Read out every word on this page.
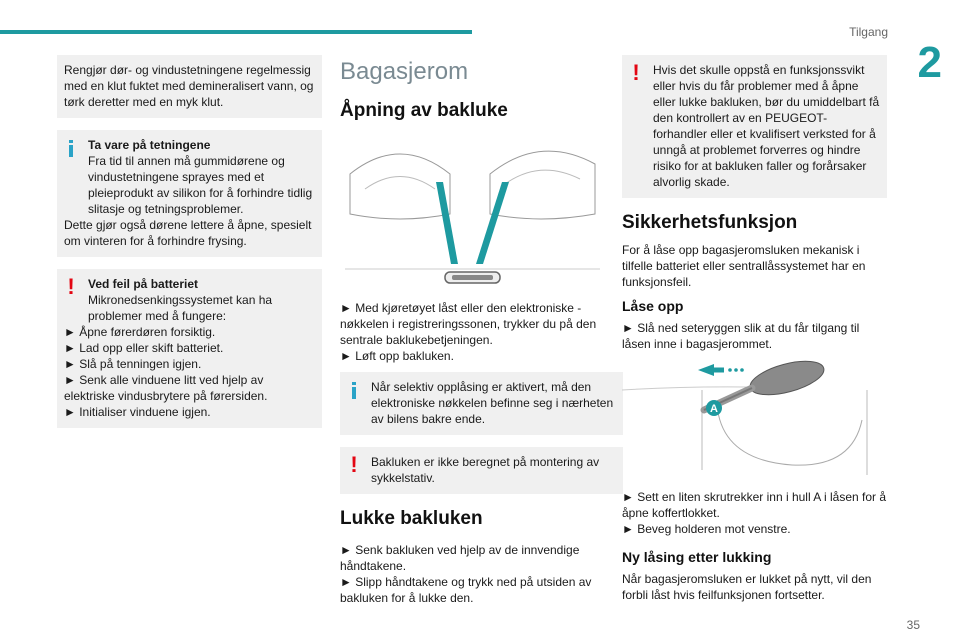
Tilgang
2
35
Rengjør dør- og vindustetningene regelmessig med en klut fuktet med demineralisert vann, og tørk deretter med en myk klut.
Ta vare på tetningene
Fra tid til annen må gummidørene og vindustetningene sprayes med et pleieprodukt av silikon for å forhindre tidlig slitasje og tetningsproblemer.
Dette gjør også dørene lettere å åpne, spesielt om vinteren for å forhindre frysing.
!	Ved feil på batteriet
Mikronedsenkingssystemet kan ha problemer med å fungere:
► Åpne førerdøren forsiktig.
► Lad opp eller skift batteriet.
► Slå på tenningen igjen.
► Senk alle vinduene litt ved hjelp av elektriske vindusbrytere på førersiden.
► Initialiser vinduene igjen.
Bagasjerom
Åpning av bakluke

► Med kjøretøyet låst eller den elektroniske -nøkkelen i registreringssonen, trykker du på den sentrale baklukebetjeningen.
► Løft opp bakluken.

Når selektiv opplåsing er aktivert, må den elektroniske nøkkelen befinne seg i nærheten av bilens bakre ende.
!	Bakluken er ikke beregnet på montering av sykkelstativ.
Lukke bakluken

► Senk bakluken ved hjelp av de innvendige håndtakene.
► Slipp håndtakene og trykk ned på utsiden av bakluken for å lukke den.

!	Hvis det skulle oppstå en funksjonssvikt eller hvis du får problemer med å åpne eller lukke bakluken, bør du umiddelbart få den kontrollert av en PEUGEOT-forhandler eller et kvalifisert verksted for å unngå at problemet forverres og hindre risiko for at bakluken faller og forårsaker alvorlig skade.
Sikkerhetsfunksjon

For å låse opp bagasjeromsluken mekanisk i tilfelle batteriet eller sentrallåssystemet har en funksjonsfeil.

Låse opp

► Slå ned seteryggen slik at du får tilgang til låsen inne i bagasjerommet.

A

► Sett en liten skrutrekker inn i hull A i låsen for å åpne koffertlokket.
► Beveg holderen mot venstre.

Ny låsing etter lukking

Når bagasjeromsluken er lukket på nytt, vil den forbli låst hvis feilfunksjonen fortsetter.
